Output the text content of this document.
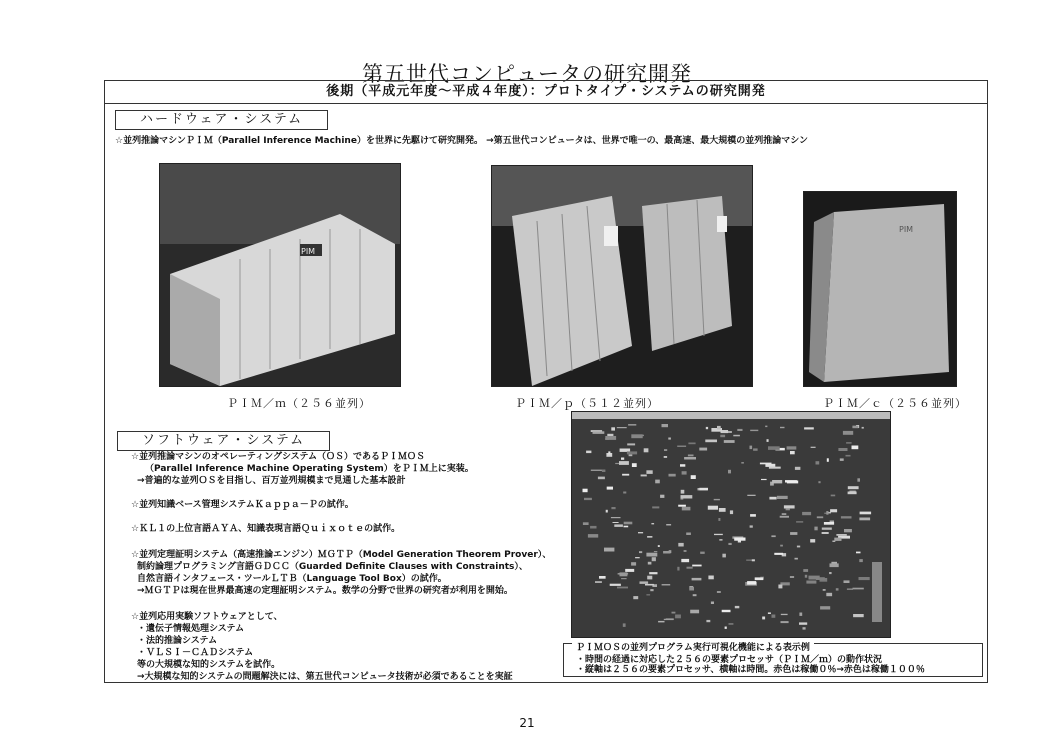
第五世代コンピュータの研究開発
後期（平成元年度～平成４年度）：プロトタイプ・システムの研究開発
ハードウェア・システム
☆並列推論マシンＰＩＭ（Parallel Inference Machine）を世界に先駆けて研究開発。 →第五世代コンピュータは、世界で唯一の、最高速、最大規模の並列推論マシン
PIM
PIM
ＰＩＭ／ｍ（２５６並列）	ＰＩＭ／ｐ（５１２並列）	ＰＩＭ／ｃ（２５６並列）
ソフトウェア・システム
☆並列推論マシンのオペレーティングシステム（ＯＳ）であるＰＩＭＯＳ
（Parallel Inference Machine Operating System）をＰＩＭ上に実装。
→普遍的な並列ＯＳを目指し、百万並列規模まで見通した基本設計
☆並列知識ベース管理システムＫａｐｐａ－Ｐの試作。
☆ＫＬ１の上位言語ＡＹＡ、知識表現言語Ｑｕｉｘｏｔｅの試作。
☆並列定理証明システム（高速推論エンジン）ＭＧＴＰ（Model Generation Theorem Prover）、
制約論理プログラミング言語ＧＤＣＣ（Guarded Definite Clauses with Constraints）、
自然言語インタフェース・ツールＬＴＢ（Language Tool Box）の試作。
→ＭＧＴＰは現在世界最高速の定理証明システム。数学の分野で世界の研究者が利用を開始。
☆並列応用実験ソフトウェアとして、
・遺伝子情報処理システム
・法的推論システム
・ＶＬＳＩ－ＣＡＤシステム
等の大規模な知的システムを試作。
→大規模な知的システムの問題解決には、第五世代コンピュータ技術が必須であることを実証
ＰＩＭＯＳの並列プログラム実行可視化機能による表示例
・時間の経過に対応した２５６の要素プロセッサ（ＰＩＭ／ｍ）の動作状況
・縦軸は２５６の要素プロセッサ、横軸は時間。赤色は稼働０％→赤色は稼働１００％
21
